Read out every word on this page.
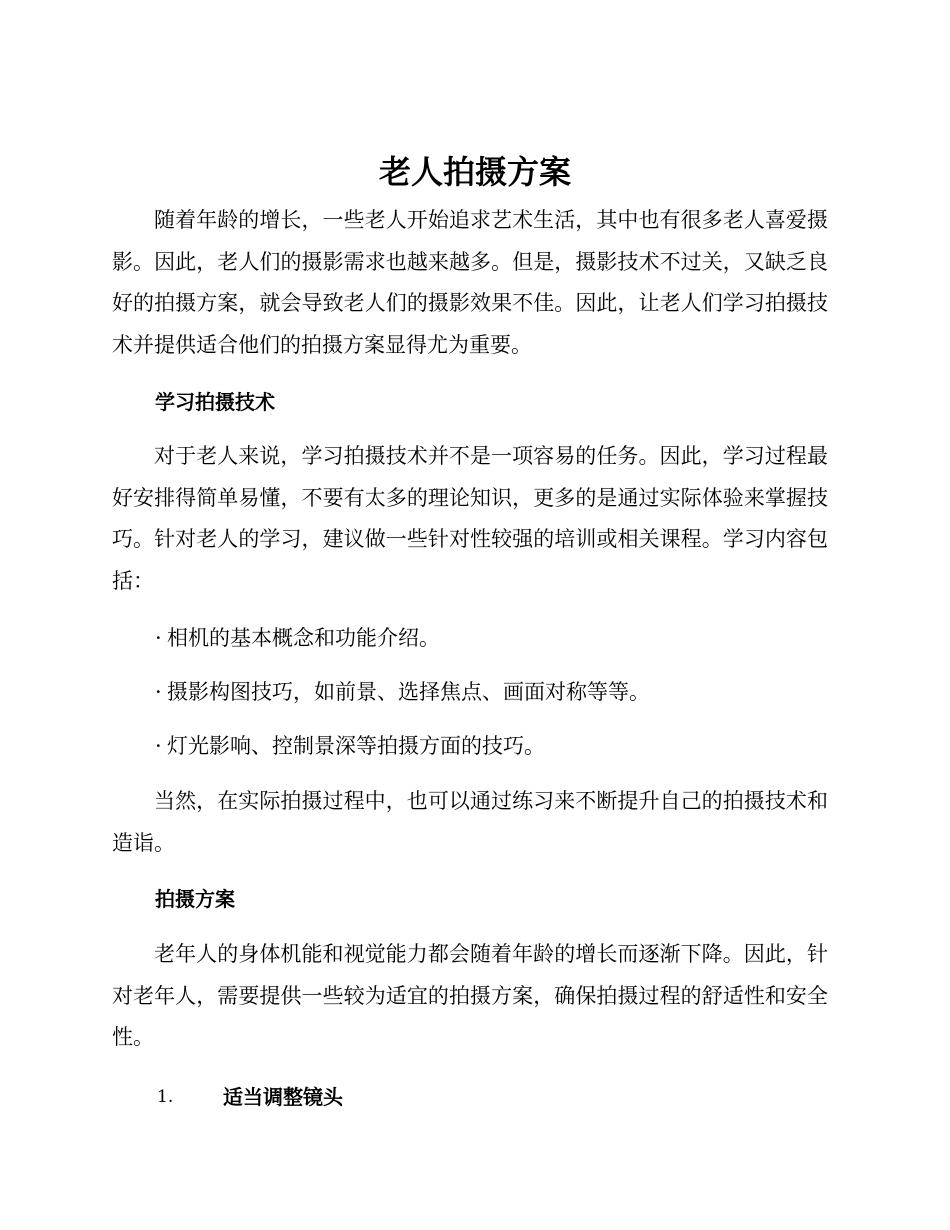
老人拍摄方案

随着年龄的增长，一些老人开始追求艺术生活，其中也有很多老人喜爱摄影。因此，老人们的摄影需求也越来越多。但是，摄影技术不过关，又缺乏良好的拍摄方案，就会导致老人们的摄影效果不佳。因此，让老人们学习拍摄技术并提供适合他们的拍摄方案显得尤为重要。

学习拍摄技术

对于老人来说，学习拍摄技术并不是一项容易的任务。因此，学习过程最好安排得简单易懂，不要有太多的理论知识，更多的是通过实际体验来掌握技巧。针对老人的学习，建议做一些针对性较强的培训或相关课程。学习内容包括：

· 相机的基本概念和功能介绍。
· 摄影构图技巧，如前景、选择焦点、画面对称等等。
· 灯光影响、控制景深等拍摄方面的技巧。

当然，在实际拍摄过程中，也可以通过练习来不断提升自己的拍摄技术和造诣。

拍摄方案

老年人的身体机能和视觉能力都会随着年龄的增长而逐渐下降。因此，针对老年人，需要提供一些较为适宜的拍摄方案，确保拍摄过程的舒适性和安全性。

1. 适当调整镜头
